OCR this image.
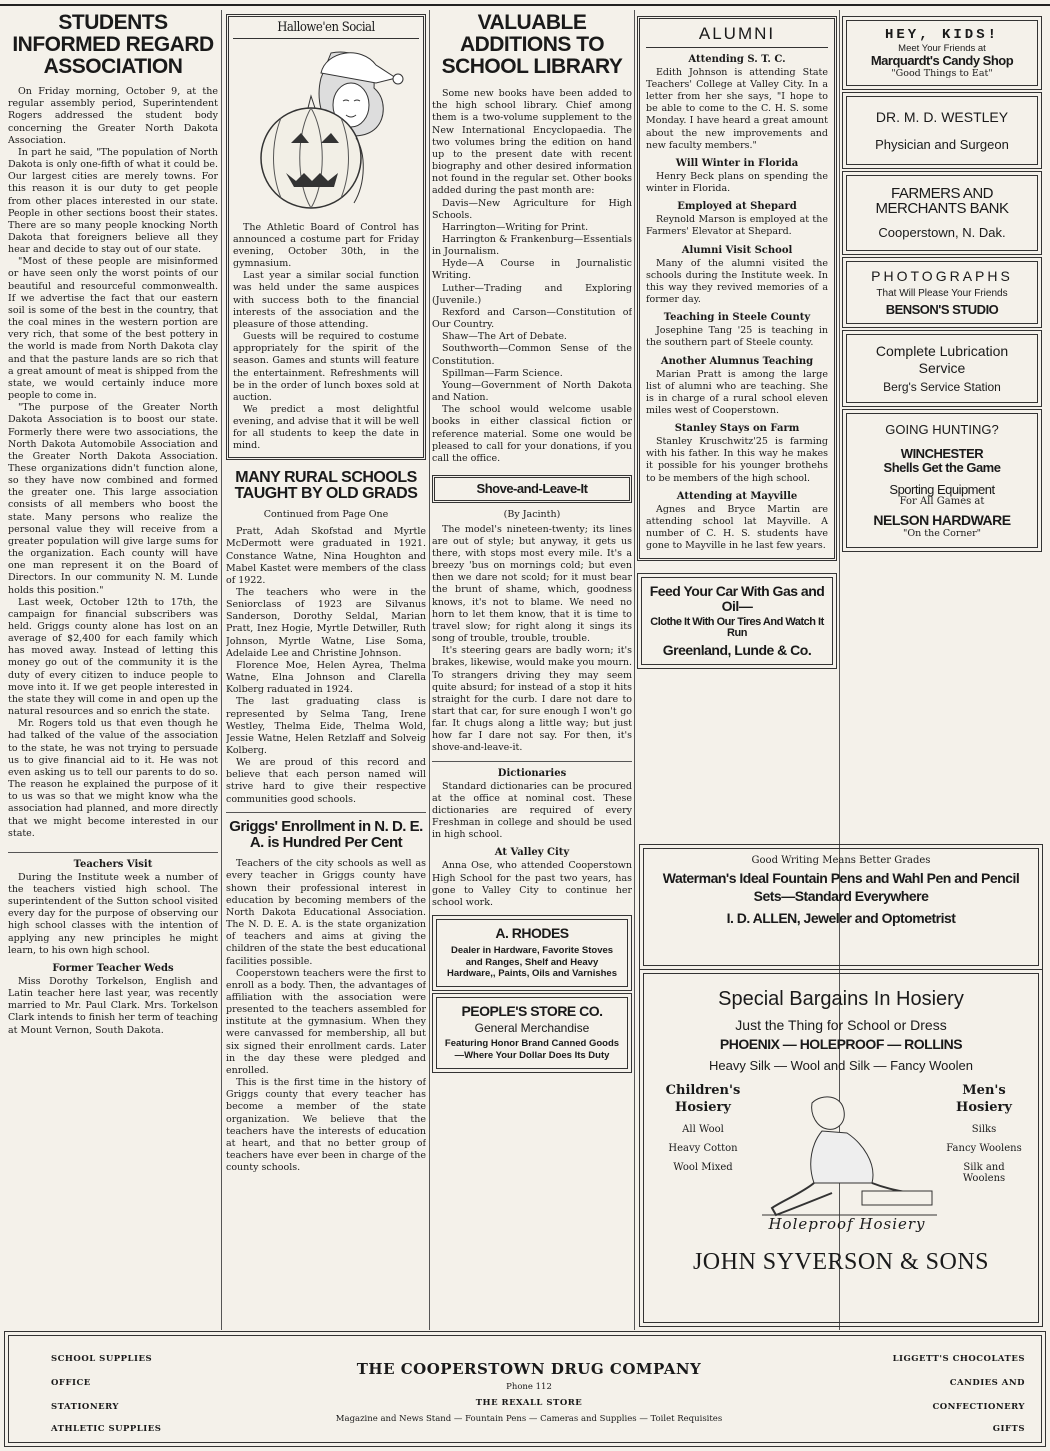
STUDENTS INFORMED REGARD ASSOCIATION

On Friday morning, October 9, at the regular assembly period, Superintendent Rogers addressed the student body concerning the Greater North Dakota Association.

In part he said, "The population of North Dakota is only one-fifth of what it could be. Our largest cities are merely towns. For this reason it is our duty to get people from other places interested in our state. People in other sections boost their states. There are so many people knocking North Dakota that foreigners believe all they hear and decide to stay out of our state.

"Most of these people are misinformed or have seen only the worst points of our beautiful and resourceful commonwealth. If we advertise the fact that our eastern soil is some of the best in the country, that the coal mines in the western portion are very rich, that some of the best pottery in the world is made from North Dakota clay and that the pasture lands are so rich that a great amount of meat is shipped from the state, we would certainly induce more people to come in.

"The purpose of the Greater North Dakota Association is to boost our state. Formerly there were two associations, the North Dakota Automobile Association and the Greater North Dakota Association. These organizations didn't function alone, so they have now combined and formed the greater one. This large association consists of all members who boost the state. Many persons who realize the personal value they will receive from a greater population will give large sums for the organization. Each county will have one man represent it on the Board of Directors. In our community N. M. Lunde holds this position."

Last week, October 12th to 17th, the campaign for financial subscribers was held. Griggs county alone has lost on an average of $2,400 for each family which has moved away. Instead of letting this money go out of the community it is the duty of every citizen to induce people to move into it. If we get people interested in the state they will come in and open up the natural resources and so enrich the state.

Mr. Rogers told us that even though he had talked of the value of the association to the state, he was not trying to persuade us to give financial aid to it. He was not even asking us to tell our parents to do so. The reason he explained the purpose of it to us was so that we might know wha the association had planned, and more directly that we might become interested in our state.

Teachers Visit

During the Institute week a number of the teachers vistied high school. The superintendent of the Sutton school visited every day for the purpose of observing our high school classes with the intention of applying any new principles he might learn, to his own high school.

Former Teacher Weds

Miss Dorothy Torkelson, English and Latin teacher here last year, was recently married to Mr. Paul Clark. Mrs. Torkelson Clark intends to finish her term of teaching at Mount Vernon, South Dakota.

Hallowe'en Social

The Athletic Board of Control has announced a costume part for Friday evening, October 30th, in the gymnasium.

Last year a similar social function was held under the same auspices with success both to the financial interests of the association and the pleasure of those attending.

Guests will be required to costume appropriately for the spirit of the season. Games and stunts will feature the entertainment. Refreshments will be in the order of lunch boxes sold at auction.

We predict a most delightful evening, and advise that it will be well for all students to keep the date in mind.

MANY RURAL SCHOOLS TAUGHT BY OLD GRADS
Continued from Page One

Pratt, Adah Skofstad and Myrtle McDermott were graduated in 1921. Constance Watne, Nina Houghton and Mabel Kastet were members of the class of 1922.

The teachers who were in the Seniorclass of 1923 are Silvanus Sanderson, Dorothy Seldal, Marian Pratt, Inez Hogie, Myrtle Detwiller, Ruth Johnson, Myrtle Watne, Lise Soma, Adelaide Lee and Christine Johnson.

Florence Moe, Helen Ayrea, Thelma Watne, Elna Johnson and Clarella Kolberg raduated in 1924.

The last graduating class is represented by Selma Tang, Irene Westley, Thelma Eide, Thelma Wold, Jessie Watne, Helen Retzlaff and Solveig Kolberg.

We are proud of this record and believe that each person named will strive hard to give their respective communities good schools.

Griggs' Enrollment in N. D. E. A. is Hundred Per Cent

Teachers of the city schools as well as every teacher in Griggs county have shown their professional interest in education by becoming members of the North Dakota Educational Association. The N. D. E. A. is the state organization of teachers and aims at giving the children of the state the best educational facilities possible.

Cooperstown teachers were the first to enroll as a body. Then, the advantages of affiliation with the association were presented to the teachers assembled for institute at the gymnasium. When they were canvassed for membership, all but six signed their enrollment cards. Later in the day these were pledged and enrolled.

This is the first time in the history of Griggs county that every teacher has become a member of the state organization. We believe that the teachers have the interests of education at heart, and that no better group of teachers have ever been in charge of the county schools.

VALUABLE ADDITIONS TO SCHOOL LIBRARY

Some new books have been added to the high school library. Chief among them is a two-volume supplement to the New International Encyclopaedia. The two volumes bring the edition on hand up to the present date with recent biography and other desired information not found in the regular set. Other books added during the past month are:

Davis—New Agriculture for High Schools.

Harrington—Writing for Print.

Harrington & Frankenburg—Essentials in Journalism.

Hyde—A Course in Journalistic Writing.

Luther—Trading and Exploring (Juvenile.)

Rexford and Carson—Constitution of Our Country.

Shaw—The Art of Debate.

Southworth—Common Sense of the Constitution.

Spillman—Farm Science.

Young—Government of North Dakota and Nation.

The school would welcome usable books in either classical fiction or reference material. Some one would be pleased to call for your donations, if you call the office.

Shove-and-Leave-It
(By Jacinth)

The model's nineteen-twenty; its lines are out of style; but anyway, it gets us there, with stops most every mile. It's a breezy 'bus on mornings cold; but even then we dare not scold; for it must bear the brunt of shame, which, goodness knows, it's not to blame. We need no horn to let them know, that it is time to travel slow; for right along it sings its song of trouble, trouble, trouble.

It's steering gears are badly worn; it's brakes, likewise, would make you mourn. To strangers driving they may seem quite absurd; for instead of a stop it hits straight for the curb. I dare not dare to start that car, for sure enough I won't go far. It chugs along a little way; but just how far I dare not say. For then, it's shove-and-leave-it.

Dictionaries

Standard dictionaries can be procured at the office at nominal cost. These dictionaries are required of every Freshman in college and should be used in high school.

At Valley City

Anna Ose, who attended Cooperstown High School for the past two years, has gone to Valley City to continue her school work.

A. RHODES
Dealer in Hardware, Favorite Stoves and Ranges, Shelf and Heavy Hardware,, Paints, Oils and Varnishes
PEOPLE'S STORE CO.
General Merchandise
Featuring Honor Brand Canned Goods—Where Your Dollar Does Its Duty
ALUMNI
Attending S. T. C.

Edith Johnson is attending State Teachers' College at Valley City. In a letter from her she says, "I hope to be able to come to the C. H. S. some Monday. I have heard a great amount about the new improvements and new faculty members."

Will Winter in Florida

Henry Beck plans on spending the winter in Florida.

Employed at Shepard

Reynold Marson is employed at the Farmers' Elevator at Shepard.

Alumni Visit School

Many of the alumni visited the schools during the Institute week. In this way they revived memories of a former day.

Teaching in Steele County

Josephine Tang '25 is teaching in the southern part of Steele county.

Another Alumnus Teaching

Marian Pratt is among the large list of alumni who are teaching. She is in charge of a rural school eleven miles west of Cooperstown.

Stanley Stays on Farm

Stanley Kruschwitz'25 is farming with his father. In this way he makes it possible for his younger brothehs to be members of the high school.

Attending at Mayville

Agnes and Bryce Martin are attending school lat Mayville. A number of C. H. S. students have gone to Mayville in he last few years.

Feed Your Car With Gas and Oil—
Clothe It With Our Tires And Watch It Run
Greenland, Lunde & Co.
HEY, KIDS!
Meet Your Friends at
Marquardt's Candy Shop
"Good Things to Eat"
DR. M. D. WESTLEY
Physician and Surgeon
FARMERS AND MERCHANTS BANK
Cooperstown, N. Dak.
PHOTOGRAPHS
That Will Please Your Friends
BENSON'S STUDIO
Complete Lubrication Service
Berg's Service Station
GOING HUNTING?
WINCHESTER
Shells Get the Game
Sporting Equipment
For All Games at
NELSON HARDWARE
"On the Corner"
Good Writing Means Better Grades
Waterman's Ideal Fountain Pens and Wahl Pen and Pencil Sets—Standard Everywhere
I. D. ALLEN, Jeweler and Optometrist
Special Bargains In Hosiery
Just the Thing for School or Dress
PHOENIX — HOLEPROOF — ROLLINS
Heavy Silk — Wool and Silk — Fancy Woolen
Children's Hosiery
All Wool
Heavy Cotton
Wool Mixed
Holeproof Hosiery
Men's Hosiery
Silks
Fancy Woolens
Silk and Woolens
JOHN SYVERSON & SONS
SCHOOL SUPPLIES
OFFICE
STATIONERY
ATHLETIC SUPPLIES
LIGGETT'S CHOCOLATES
CANDIES AND
CONFECTIONERY
GIFTS
THE COOPERSTOWN DRUG COMPANY
Phone 112
THE REXALL STORE
Magazine and News Stand — Fountain Pens — Cameras and Supplies — Toilet Requisites
